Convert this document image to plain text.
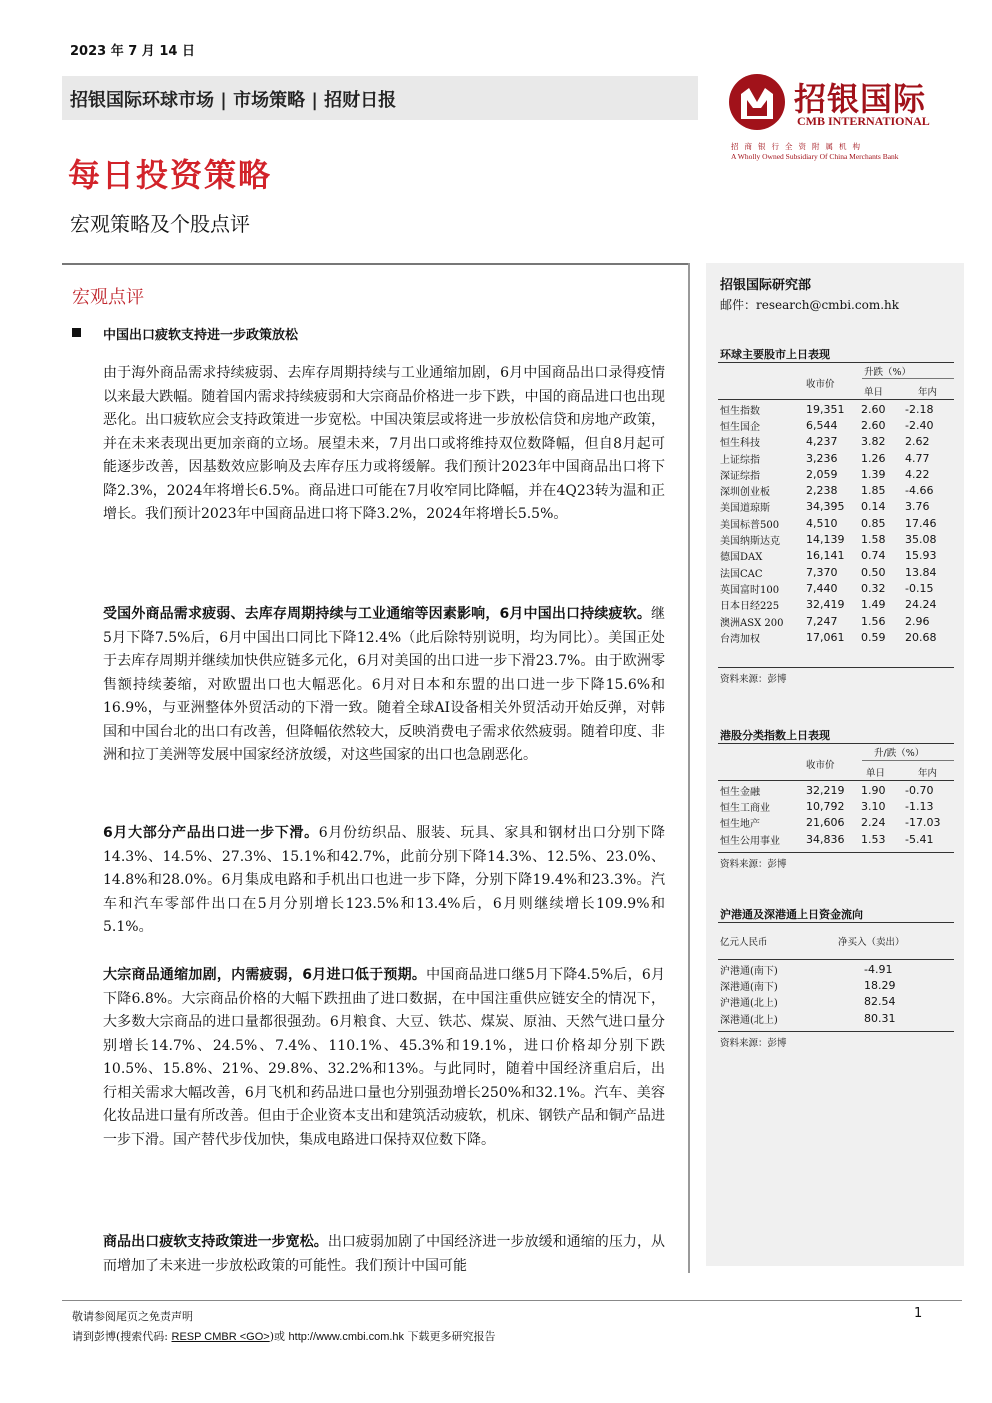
2023 年 7 月 14 日
招银国际环球市场 | 市场策略 | 招财日报	招银国际
CMB INTERNATIONAL
招商银行全资附属机构
A Wholly Owned Subsidiary Of China Merchants Bank
每日投资策略
宏观策略及个股点评
宏观点评
中国出口疲软支持进一步政策放松
由于海外商品需求持续疲弱、去库存周期持续与工业通缩加剧，6月中国商品出口录得疫情以来最大跌幅。随着国内需求持续疲弱和大宗商品价格进一步下跌，中国的商品进口也出现恶化。出口疲软应会支持政策进一步宽松。中国决策层或将进一步放松信贷和房地产政策，并在未来表现出更加亲商的立场。展望未来，7月出口或将维持双位数降幅，但自8月起可能逐步改善，因基数效应影响及去库存压力或将缓解。我们预计2023年中国商品出口将下降2.3%，2024年将增长6.5%。商品进口可能在7月收窄同比降幅，并在4Q23转为温和正增长。我们预计2023年中国商品进口将下降3.2%，2024年将增长5.5%。
受国外商品需求疲弱、去库存周期持续与工业通缩等因素影响，6月中国出口持续疲软。继5月下降7.5%后，6月中国出口同比下降12.4%（此后除特别说明，均为同比）。美国正处于去库存周期并继续加快供应链多元化，6月对美国的出口进一步下滑23.7%。由于欧洲零售额持续萎缩，对欧盟出口也大幅恶化。6月对日本和东盟的出口进一步下降15.6%和16.9%，与亚洲整体外贸活动的下滑一致。随着全球AI设备相关外贸活动开始反弹，对韩国和中国台北的出口有改善，但降幅依然较大，反映消费电子需求依然疲弱。随着印度、非洲和拉丁美洲等发展中国家经济放缓，对这些国家的出口也急剧恶化。
6月大部分产品出口进一步下滑。6月份纺织品、服装、玩具、家具和钢材出口分别下降14.3%、14.5%、27.3%、15.1%和42.7%，此前分别下降14.3%、12.5%、23.0%、14.8%和28.0%。6月集成电路和手机出口也进一步下降，分别下降19.4%和23.3%。汽车和汽车零部件出口在5月分别增长123.5%和13.4%后，6月则继续增长109.9%和5.1%。
大宗商品通缩加剧，内需疲弱，6月进口低于预期。中国商品进口继5月下降4.5%后，6月下降6.8%。大宗商品价格的大幅下跌扭曲了进口数据，在中国注重供应链安全的情况下，大多数大宗商品的进口量都很强劲。6月粮食、大豆、铁芯、煤炭、原油、天然气进口量分别增长14.7%、24.5%、7.4%、110.1%、45.3%和19.1%，进口价格却分别下跌10.5%、15.8%、21%、29.8%、32.2%和13%。与此同时，随着中国经济重启后，出行相关需求大幅改善，6月飞机和药品进口量也分别强劲增长250%和32.1%。汽车、美容化妆品进口量有所改善。但由于企业资本支出和建筑活动疲软，机床、钢铁产品和铜产品进一步下滑。国产替代步伐加快，集成电路进口保持双位数下降。
商品出口疲软支持政策进一步宽松。出口疲弱加剧了中国经济进一步放缓和通缩的压力，从而增加了未来进一步放松政策的可能性。我们预计中国可能
招银国际研究部
邮件：research@cmbi.com.hk
环球主要股市上日表现
升跌（%）
收市价
单日	年内
恒生指数	19,351	2.60	-2.18
恒生国企	6,544	2.60	-2.40
恒生科技	4,237	3.82	2.62
上证综指	3,236	1.26	4.77
深证综指	2,059	1.39	4.22
深圳创业板	2,238	1.85	-4.66
美国道琼斯	34,395	0.14	3.76
美国标普500	4,510	0.85	17.46
美国纳斯达克	14,139	1.58	35.08
德国DAX	16,141	0.74	15.93
法国CAC	7,370	0.50	13.84
英国富时100	7,440	0.32	-0.15
日本日经225	32,419	1.49	24.24
澳洲ASX 200	7,247	1.56	2.96
台湾加权	17,061	0.59	20.68
资料来源：彭博
港股分类指数上日表现
升/跌（%）
收市价
单日	年内
恒生金融	32,219	1.90	-0.70
恒生工商业	10,792	3.10	-1.13
恒生地产	21,606	2.24	-17.03
恒生公用事业	34,836	1.53	-5.41
资料来源：彭博
沪港通及深港通上日资金流向
亿元人民币	净买入（卖出）
沪港通(南下)	-4.91
深港通(南下)	18.29
沪港通(北上)	82.54
深港通(北上)	80.31
资料来源：彭博
敬请参阅尾页之免责声明
请到彭博(搜索代码: RESP CMBR <GO>)或 http://www.cmbi.com.hk 下载更多研究报告
1
